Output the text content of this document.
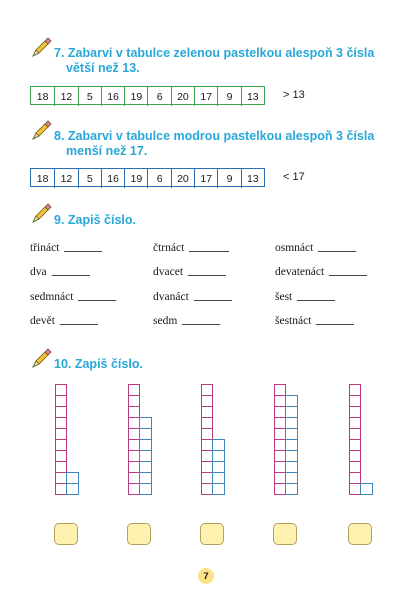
7. Zabarvi v tabulce zelenou pastelkou alespoň 3 čísla
větší než 13.
18	12	5	16	19	6	20	17	9	13	> 13
8. Zabarvi v tabulce modrou pastelkou alespoň 3 čísla
menší než 17.
18	12	5	16	19	6	20	17	9	13	< 17
9. Zapiš číslo.
třináct	čtrnáct	osmnáct
dva	dvacet	devatenáct
sedmnáct	dvanáct	šest
devět	sedm	šestnáct
10. Zapiš číslo.
7
